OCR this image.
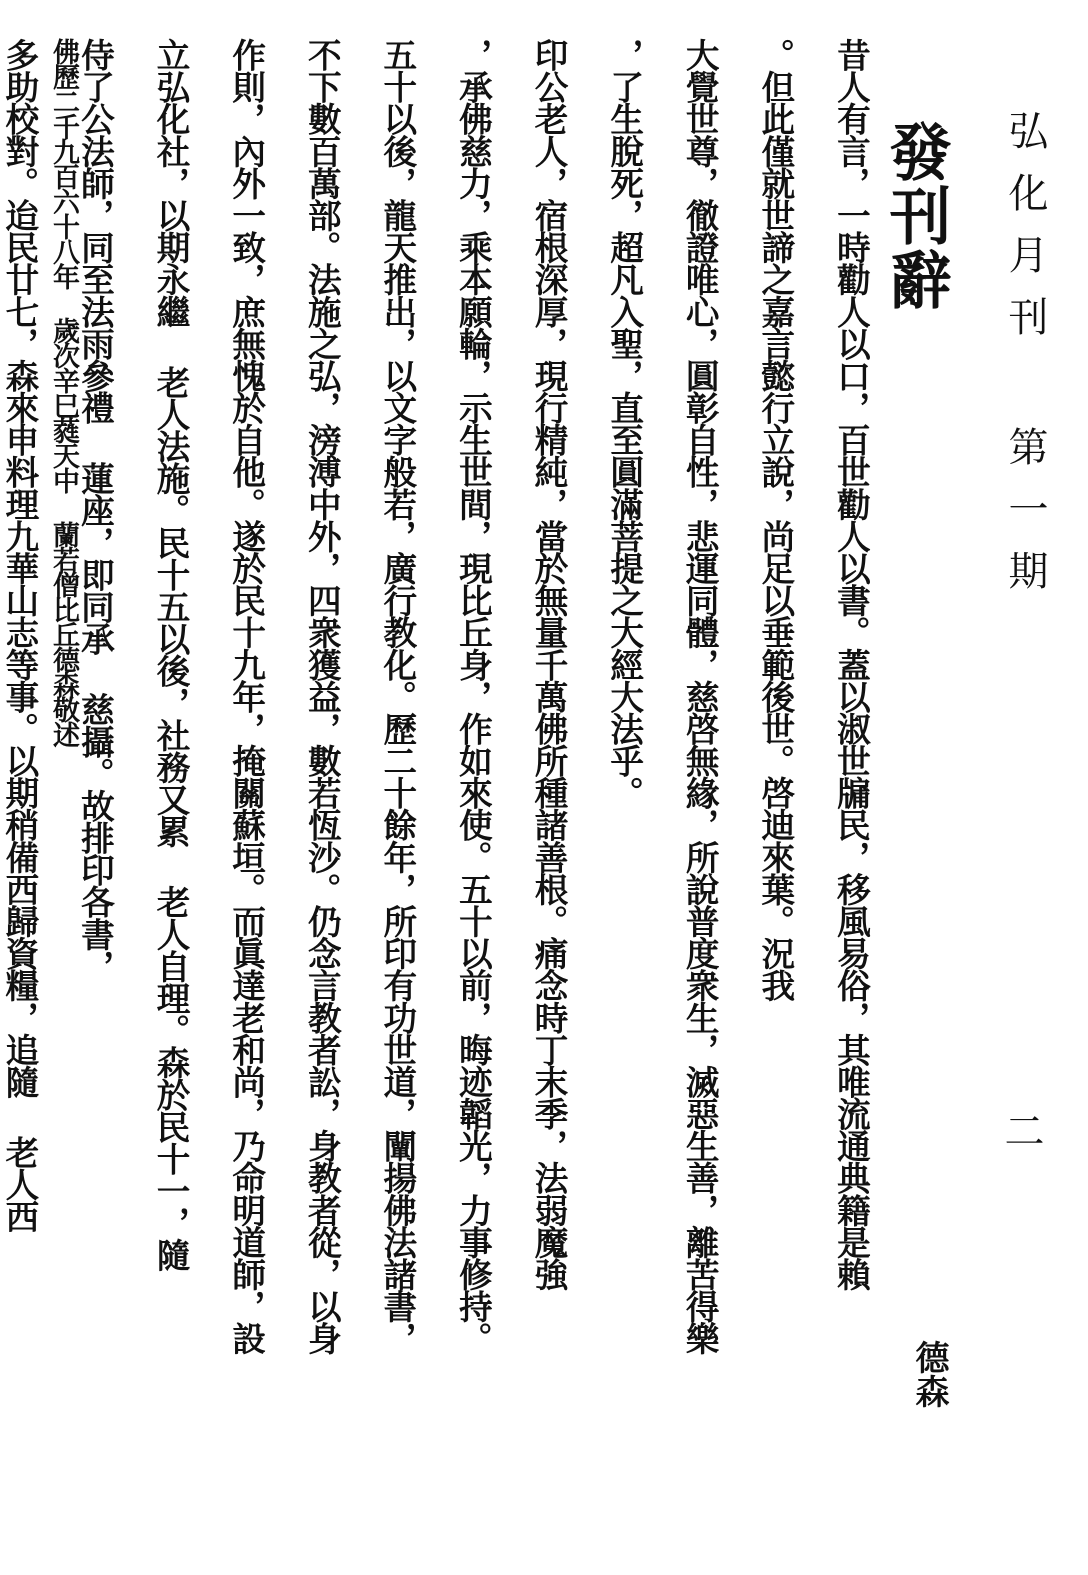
弘化月刊 第一期
二
發刊辭
德森

昔人有言，一時勸人以口，百世勸人以書。蓋以淑世牖民，移風易俗，其唯流通典籍是賴

。但此僅就世諦之嘉言懿行立說，尚足以垂範後世。啓迪來葉。況我

大覺世尊，徹證唯心，圓彰自性，悲運同體，慈啓無緣，所說普度衆生，滅惡生善，離苦得樂

，了生脫死，超凡入聖，直至圓滿菩提之大經大法乎。

印公老人，宿根深厚，現行精純，當於無量千萬佛所種諸善根。痛念時丁末季，法弱魔強

，承佛慈力，乘本願輪，示生世間，現比丘身，作如來使。五十以前，晦迹韜光，力事修持。

五十以後，龍天推出，以文字般若，廣行教化。歷二十餘年，所印有功世道，闡揚佛法諸書，

不下數百萬部。法施之弘，滂溥中外，四衆獲益，數若恆沙。仍念言教者訟，身教者從，以身

作則，內外一致，庶無愧於自他。遂於民十九年，掩關蘇垣。而眞達老和尚，乃命明道師，設

立弘化社，以期永繼 老人法施。民十五以後，社務又累 老人自理。森於民十一，隨

侍了公法師，同至法雨參禮 蓮座，即同承 慈攝。故排印各書，

多助校對。迨民廿七，森來申料理九華山志等事。以期稍備西歸資糧，追隨 老人西 佛歷二千九百六十八年 歲次辛巳蕤天中 蘭若僧比丘德森敬述
